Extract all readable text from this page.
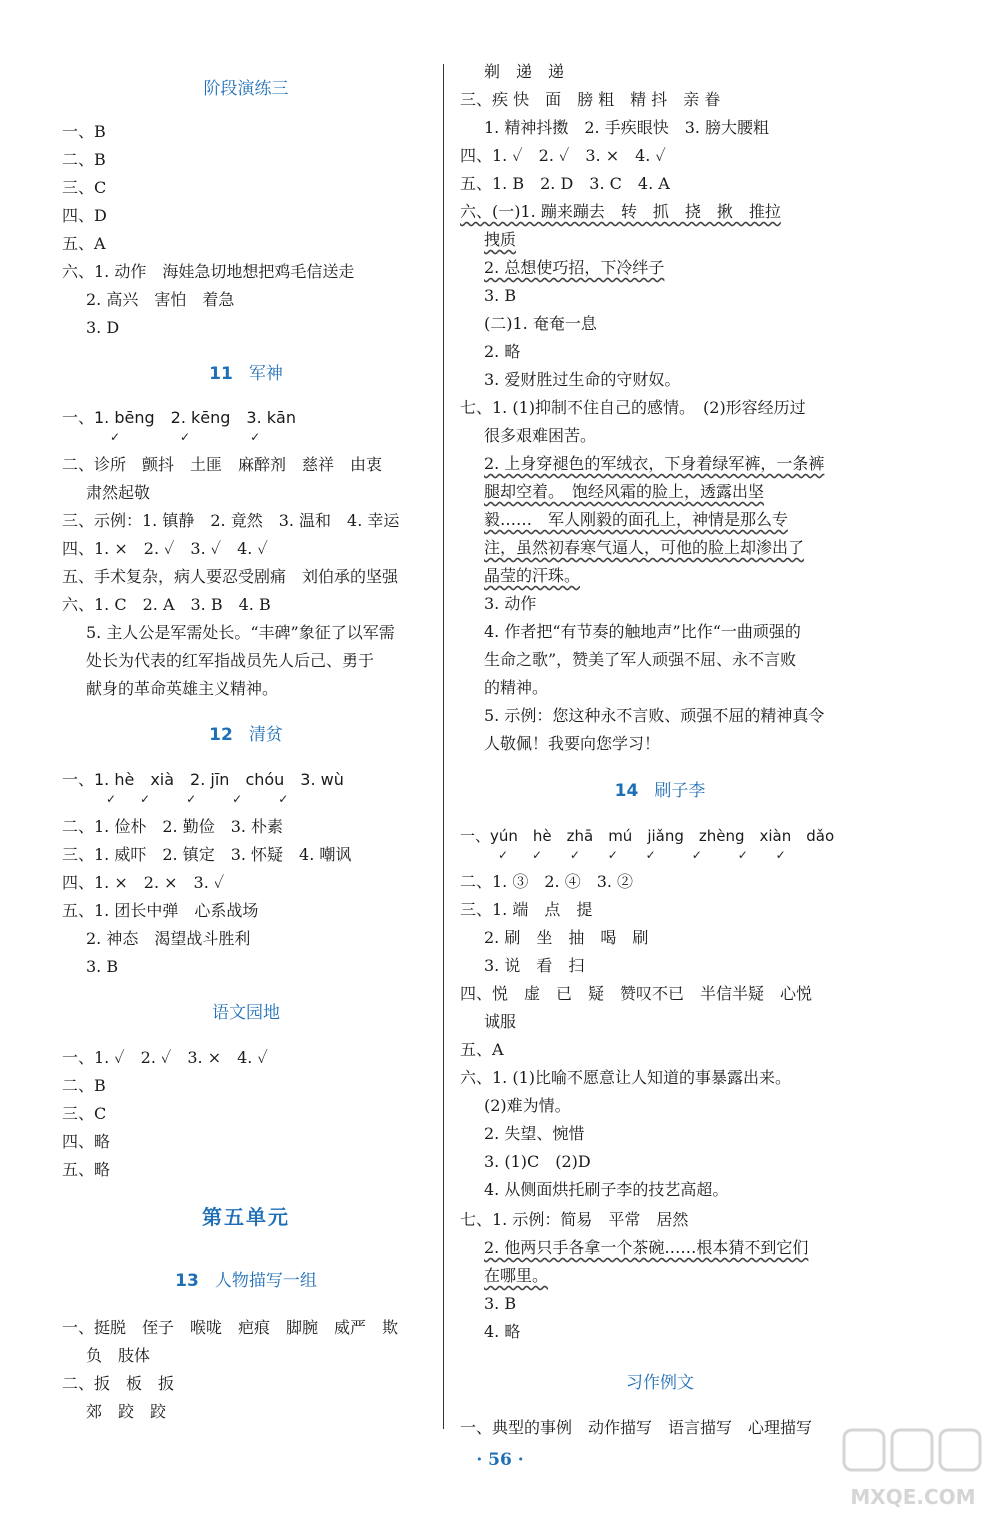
阶段演练三
一、B
二、B
三、C
四、D
五、A
六、1. 动作　海娃急切地想把鸡毛信送走
2. 高兴　害怕　着急
3. D
11 军神
一、1. bēng　2. kēng　3. kān
✓　　　　　✓　　　　　✓
二、诊所　颤抖　土匪　麻醉剂　慈祥　由衷
肃然起敬
三、示例：1. 镇静　2. 竟然　3. 温和　4. 幸运
四、1. ×　2. ✓　3. ✓　4. ✓
五、手术复杂，病人要忍受剧痛　刘伯承的坚强
六、1. C　2. A　3. B　4. B
5. 主人公是军需处长。“丰碑”象征了以军需
处长为代表的红军指战员先人后己、勇于
献身的革命英雄主义精神。
12 清贫
一、1. hè　xià　2. jīn　chóu　3. wù
✓　　✓　　　✓　　　✓　　　✓
二、1. 俭朴　2. 勤俭　3. 朴素
三、1. 威吓　2. 镇定　3. 怀疑　4. 嘲讽
四、1. ×　2. ×　3. ✓
五、1. 团长中弹　心系战场
2. 神态　渴望战斗胜利
3. B
语文园地
一、1. ✓　2. ✓　3. ×　4. ✓
二、B
三、C
四、略
五、略
第五单元
13 人物描写一组
一、挺脱　侄子　喉咙　疤痕　脚腕　威严　欺
负　肢体
二、扳　板　扳
郊　跤　跤
剃　递　递
三、疾 快　面　膀 粗　精 抖　亲 眷
1. 精神抖擞　2. 手疾眼快　3. 膀大腰粗
四、1. ✓　2. ✓　3. ×　4. ✓
五、1. B　2. D　3. C　4. A
六、(一)1. 蹦来蹦去　转　抓　挠　揪　推拉
拽质
2. 总想使巧招，下冷绊子
3. B
(二)1. 奄奄一息
2. 略
3. 爱财胜过生命的守财奴。
七、1. (1)抑制不住自己的感情。　(2)形容经历过
很多艰难困苦。
2. 上身穿褪色的军绒衣，下身着绿军裤，一条裤
腿却空着。　饱经风霜的脸上，透露出坚
毅……　军人刚毅的面孔上，神情是那么专
注，虽然初春寒气逼人，可他的脸上却渗出了
晶莹的汗珠。
3. 动作
4. 作者把“有节奏的触地声”比作“一曲顽强的
生命之歌”，赞美了军人顽强不屈、永不言败
的精神。
5. 示例：您这种永不言败、顽强不屈的精神真令
人敬佩！我要向您学习！
14 刷子李
一、yún　hè　zhā　mú　jiǎng　zhèng　xiàn　dǎo
✓　　✓　　 ✓　　 ✓　　 ✓　　　✓　　　✓　　 ✓
二、1. ③　2. ④　3. ②
三、1. 端　点　提
2. 刷　坐　抽　喝　刷
3. 说　看　扫
四、悦　虚　已　疑　赞叹不已　半信半疑　心悦
诚服
五、A
六、1. (1)比喻不愿意让人知道的事暴露出来。
(2)难为情。
2. 失望、惋惜
3. (1)C　(2)D
4. 从侧面烘托刷子李的技艺高超。
七、1. 示例：简易　平常　居然
2. 他两只手各拿一个茶碗……根本猜不到它们
在哪里。
3. B
4. 略
习作例文
一、典型的事例　动作描写　语言描写　心理描写
· 56 ·
MXQE.COM
